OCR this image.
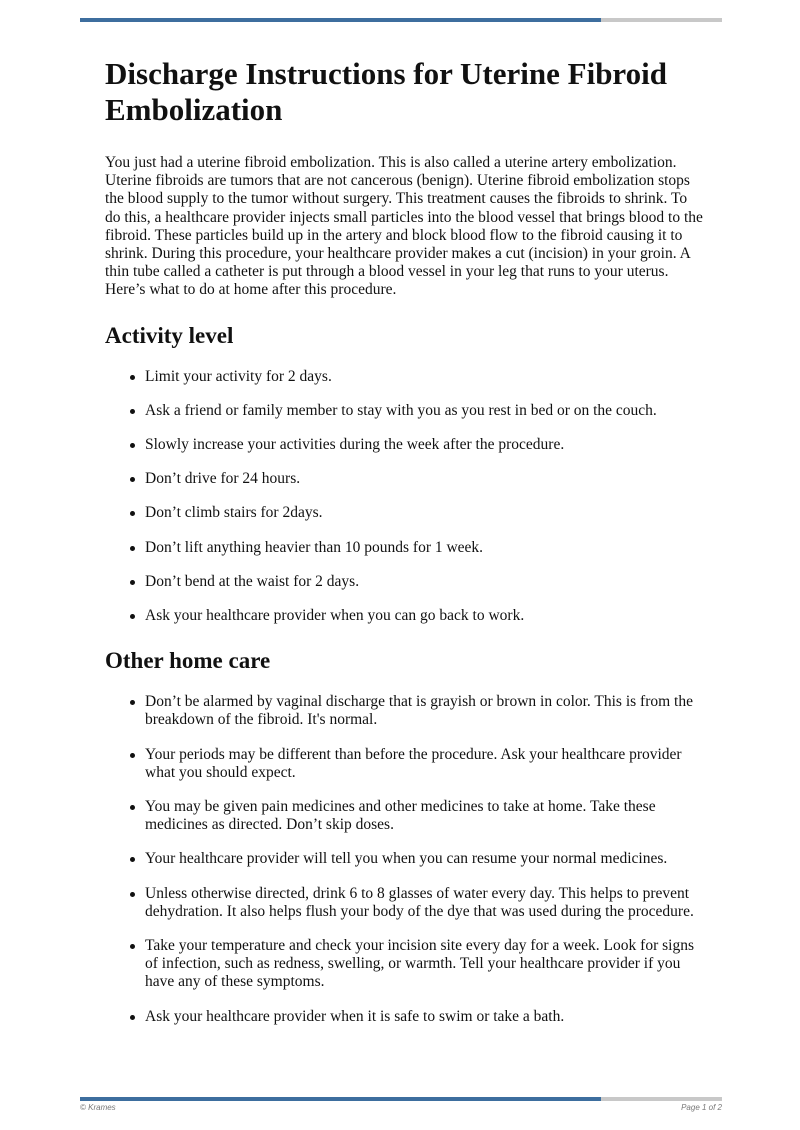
Discharge Instructions for Uterine Fibroid Embolization

You just had a uterine fibroid embolization. This is also called a uterine artery embolization. Uterine fibroids are tumors that are not cancerous (benign). Uterine fibroid embolization stops the blood supply to the tumor without surgery. This treatment causes the fibroids to shrink. To do this, a healthcare provider injects small particles into the blood vessel that brings blood to the fibroid. These particles build up in the artery and block blood flow to the fibroid causing it to shrink. During this procedure, your healthcare provider makes a cut (incision) in your groin. A thin tube called a catheter is put through a blood vessel in your leg that runs to your uterus. Here’s what to do at home after this procedure.

Activity level
Limit your activity for 2 days.
Ask a friend or family member to stay with you as you rest in bed or on the couch.
Slowly increase your activities during the week after the procedure.
Don’t drive for 24 hours.
Don’t climb stairs for 2days.
Don’t lift anything heavier than 10 pounds for 1 week.
Don’t bend at the waist for 2 days.
Ask your healthcare provider when you can go back to work.
Other home care
Don’t be alarmed by vaginal discharge that is grayish or brown in color. This is from the breakdown of the fibroid. It's normal.
Your periods may be different than before the procedure. Ask your healthcare provider what you should expect.
You may be given pain medicines and other medicines to take at home. Take these medicines as directed. Don’t skip doses.
Your healthcare provider will tell you when you can resume your normal medicines.
Unless otherwise directed, drink 6 to 8 glasses of water every day. This helps to prevent dehydration. It also helps flush your body of the dye that was used during the procedure.
Take your temperature and check your incision site every day for a week. Look for signs of infection, such as redness, swelling, or warmth. Tell your healthcare provider if you have any of these symptoms.
Ask your healthcare provider when it is safe to swim or take a bath.
© Krames	Page 1 of 2
